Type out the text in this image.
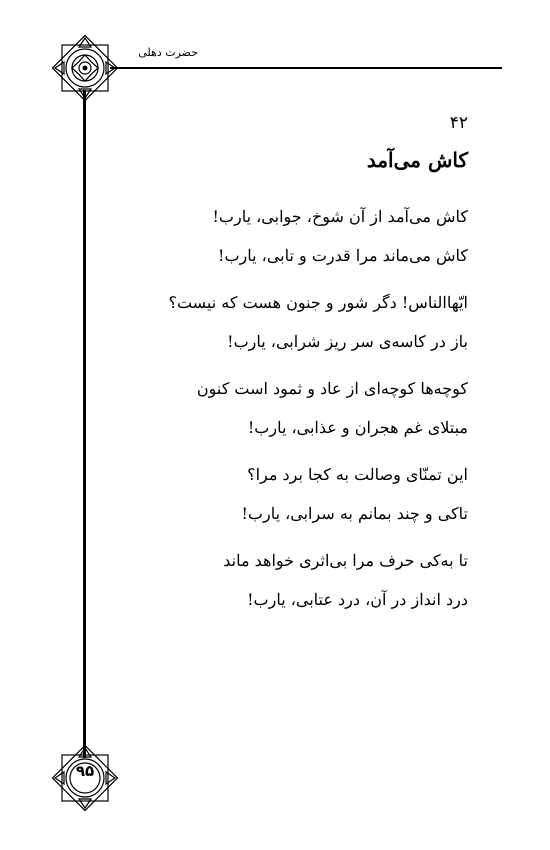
حضرت دهلی
۴۲
کاش می‌آمد
کاش می‌آمد از آن شوخ، جوابی، یارب!
کاش می‌ماند مرا قدرت و تابی، یارب!
ایّهاالناس! دگر شور و جنون هست که نیست؟
باز در کاسه‌ی سر ریز شرابی، یارب!
کوچه‌ها کوچه‌ای از عاد و ثمود است کنون
مبتلای غم هجران و عذابی، یارب!
این تمنّای وصالت به کجا برد مرا؟
تاکی و چند بمانم به سرابی، یارب!
تا به‌کی حرف مرا بی‌اثری خواهد ماند
درد انداز در آن، درد عتابی، یارب!
۹۵
